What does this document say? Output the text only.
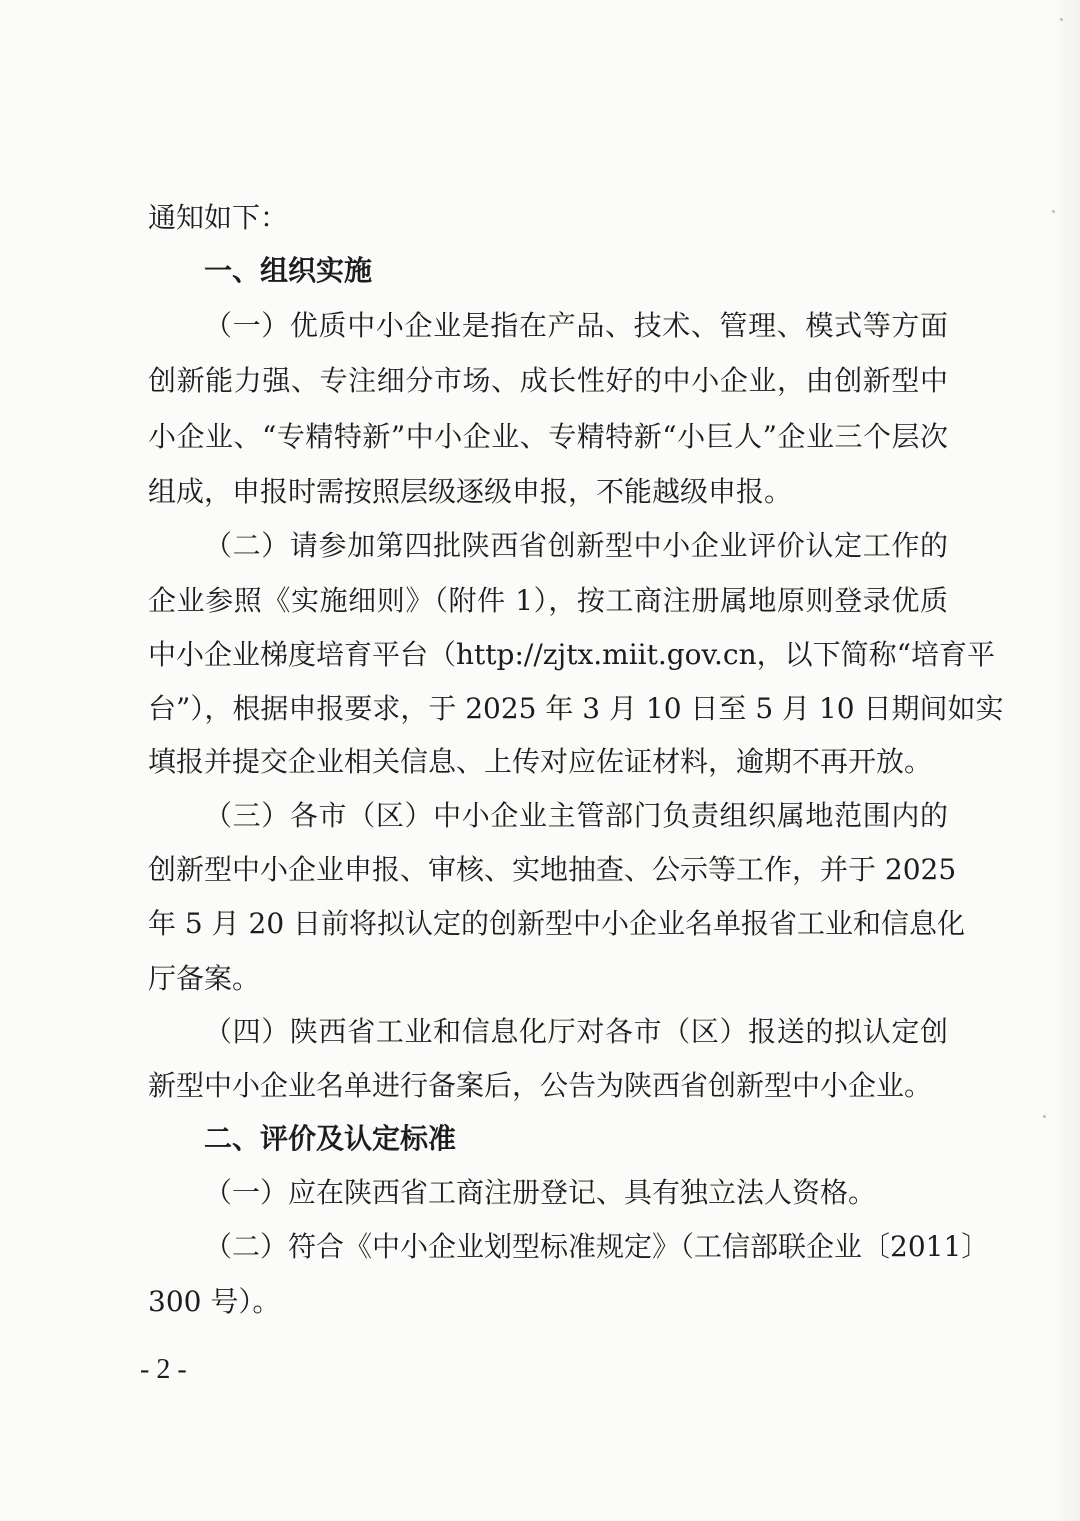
通知如下：
一、组织实施
（一）优质中小企业是指在产品、技术、管理、模式等方面
创新能力强、专注细分市场、成长性好的中小企业，由创新型中
小企业、“专精特新”中小企业、专精特新“小巨人”企业三个层次
组成，申报时需按照层级逐级申报，不能越级申报。
（二）请参加第四批陕西省创新型中小企业评价认定工作的
企业参照《实施细则》（附件 1），按工商注册属地原则登录优质
中小企业梯度培育平台（http://zjtx.miit.gov.cn，以下简称“培育平
台”），根据申报要求，于 2025 年 3 月 10 日至 5 月 10 日期间如实
填报并提交企业相关信息、上传对应佐证材料，逾期不再开放。
（三）各市（区）中小企业主管部门负责组织属地范围内的
创新型中小企业申报、审核、实地抽查、公示等工作，并于 2025
年 5 月 20 日前将拟认定的创新型中小企业名单报省工业和信息化
厅备案。
（四）陕西省工业和信息化厅对各市（区）报送的拟认定创
新型中小企业名单进行备案后，公告为陕西省创新型中小企业。
二、评价及认定标准
（一）应在陕西省工商注册登记、具有独立法人资格。
（二）符合《中小企业划型标准规定》（工信部联企业〔2011〕
300 号）。
- 2 -
